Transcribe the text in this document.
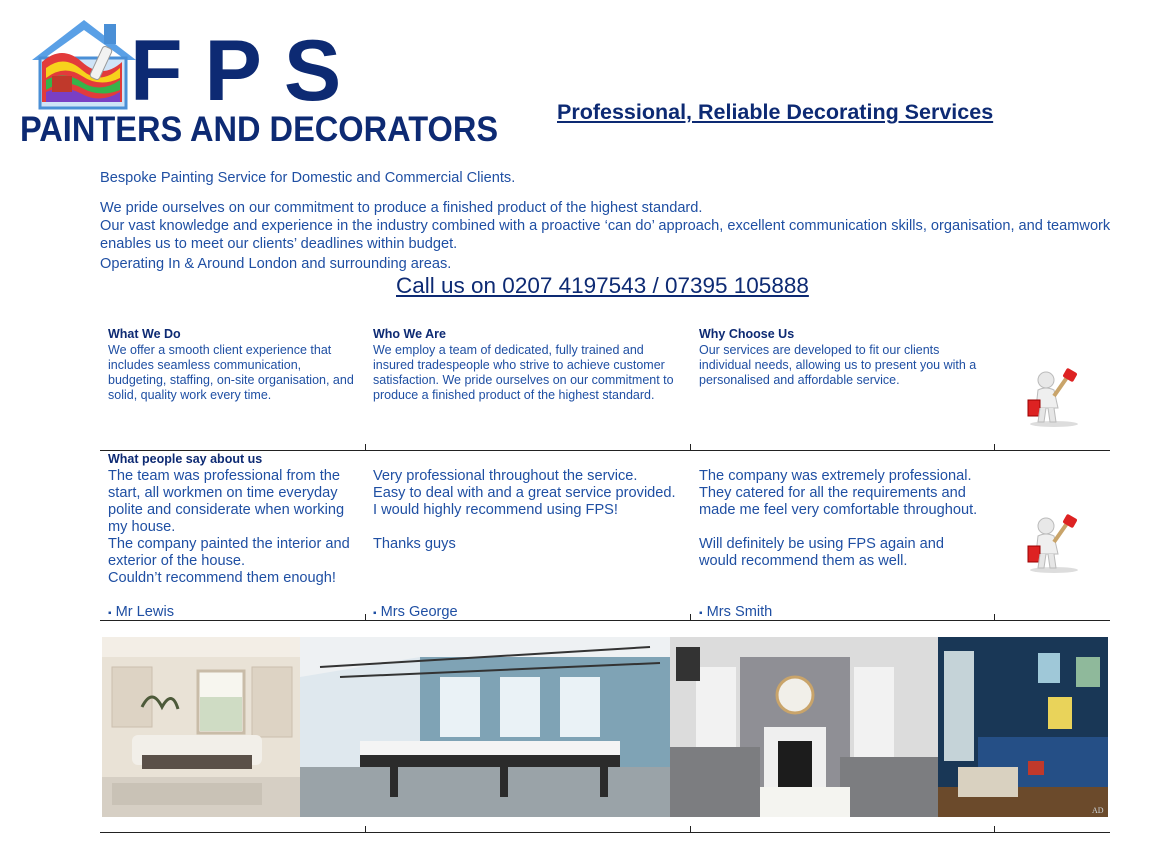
FPS
PAINTERS AND DECORATORS	Professional, Reliable Decorating Services
Bespoke Painting Service for Domestic and Commercial Clients.
We pride ourselves on our commitment to produce a finished product of the highest standard.
Our vast knowledge and experience in the industry combined with a proactive ‘can do’ approach, excellent communication skills, organisation, and teamwork
enables us to meet our clients’ deadlines within budget.
Operating In & Around London and surrounding areas.
Call us on 0207 4197543 / 07395 105888
What We Do
We offer a smooth client experience that includes seamless communication, budgeting, staffing, on-site organisation, and solid, quality work every time.
Who We Are
We employ a team of dedicated, fully trained and insured tradespeople who strive to achieve customer satisfaction. We pride ourselves on our commitment to produce a finished product of the highest standard.
Why Choose Us
Our services are developed to fit our clients individual needs, allowing us to present you with a personalised and affordable service.
What people say about us
The team was professional from the
start, all workmen on time everyday
polite and considerate when working
my house.
The company painted the interior and
exterior of the house.
Couldn’t recommend them enough!
▪ Mr Lewis
Very professional throughout the service.
Easy to deal with and a great service provided.
I would highly recommend using FPS!
Thanks guys
▪ Mrs George
The company was extremely professional.
They catered for all the requirements and
made me feel very comfortable throughout.
Will definitely be using FPS again and
would recommend them as well.
▪ Mrs Smith
AD
